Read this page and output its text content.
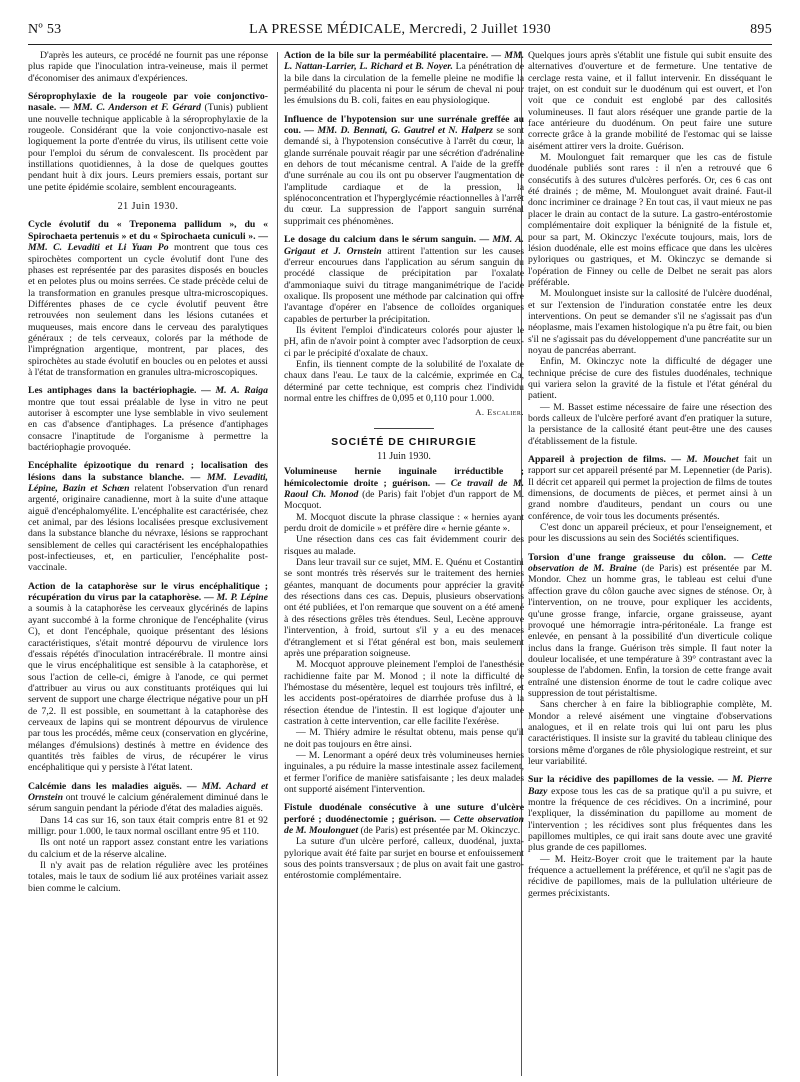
Nº 53	LA PRESSE MÉDICALE, Mercredi, 2 Juillet 1930	895

D'après les auteurs, ce procédé ne fournit pas une réponse plus rapide que l'inoculation intra-veineuse, mais il permet d'économiser des animaux d'expériences.

Séroprophylaxie de la rougeole par voie conjonctivo-nasale. — MM. C. Anderson et F. Gérard (Tunis) publient une nouvelle technique applicable à la séroprophylaxie de la rougeole. Considérant que la voie conjonctivo-nasale est logiquement la porte d'entrée du virus, ils utilisent cette voie pour l'emploi du sérum de convalescent. Ils procèdent par instillations quotidiennes, à la dose de quelques gouttes pendant huit à dix jours. Leurs premiers essais, portant sur une petite épidémie scolaire, semblent encourageants.

21 Juin 1930.

Cycle évolutif du « Treponema pallidum », du « Spirochaeta pertenuis » et du « Spirochaeta cuniculi ». — MM. C. Levaditi et Li Yuan Po montrent que tous ces spirochètes comportent un cycle évolutif dont l'une des phases est représentée par des parasites disposés en boucles et en pelotes plus ou moins serrées. Ce stade précède celui de la transformation en granules presque ultra-microscopiques. Différentes phases de ce cycle évolutif peuvent être retrouvées non seulement dans les lésions cutanées et muqueuses, mais encore dans le cerveau des paralytiques généraux ; de tels cerveaux, colorés par la méthode de l'imprégnation argentique, montrent, par places, des spirochètes au stade évolutif en boucles ou en pelotes et aussi à l'état de transformation en granules ultra-microscopiques.

Les antiphages dans la bactériophagie. — M. A. Raiga montre que tout essai préalable de lyse in vitro ne peut autoriser à escompter une lyse semblable in vivo seulement en cas d'absence d'antiphages. La présence d'antiphages consacre l'inaptitude de l'organisme à permettre la bactériophagie provoquée.

Encéphalite épizootique du renard ; localisation des lésions dans la substance blanche. — MM. Levaditi, Lépine, Bazin et Schœn relatent l'observation d'un renard argenté, originaire canadienne, mort à la suite d'une attaque aiguë d'encéphalomyélite. L'encéphalite est caractérisée, chez cet animal, par des lésions localisées presque exclusivement dans la substance blanche du névraxe, lésions se rapprochant sensiblement de celles qui caractérisent les encéphalopathies post-infectieuses, et, en particulier, l'encéphalite post-vaccinale.

Action de la cataphorèse sur le virus encéphalitique ; récupération du virus par la cataphorèse. — M. P. Lépine a soumis à la cataphorèse les cerveaux glycérinés de lapins ayant succombé à la forme chronique de l'encéphalite (virus C), et dont l'encéphale, quoique présentant des lésions caractéristiques, s'était montré dépourvu de virulence lors d'essais répétés d'inoculation intracérébrale. Il montre ainsi que le virus encéphalitique est sensible à la cataphorèse, et sous l'action de celle-ci, émigre à l'anode, ce qui permet d'attribuer au virus ou aux constituants protéiques qui lui servent de support une charge électrique négative pour un pH de 7,2. Il est possible, en soumettant à la cataphorèse des cerveaux de lapins qui se montrent dépourvus de virulence par tous les procédés, même ceux (conservation en glycérine, mélanges d'émulsions) destinés à mettre en évidence des quantités très faibles de virus, de récupérer le virus encéphalitique qui y persiste à l'état latent.

Calcémie dans les maladies aiguës. — MM. Achard et Ornstein ont trouvé le calcium généralement diminué dans le sérum sanguin pendant la période d'état des maladies aiguës.

Dans 14 cas sur 16, son taux était compris entre 81 et 92 milligr. pour 1.000, le taux normal oscillant entre 95 et 110.

Ils ont noté un rapport assez constant entre les variations du calcium et de la réserve alcaline.

Il n'y avait pas de relation régulière avec les protéines totales, mais le taux de sodium lié aux protéines variait assez bien comme le calcium.

Action de la bile sur la perméabilité placentaire. — MM. L. Nattan-Larrier, L. Richard et B. Noyer. La pénétration de la bile dans la circulation de la femelle pleine ne modifie la perméabilité du placenta ni pour le sérum de cheval ni pour les émulsions du B. coli, faites en eau physiologique.

Influence de l'hypotension sur une surrénale greffée au cou. — MM. D. Bennati, G. Gautrel et N. Halperz se sont demandé si, à l'hypotension consécutive à l'arrêt du cœur, la glande surrénale pouvait réagir par une sécrétion d'adrénaline en dehors de tout mécanisme central. A l'aide de la greffe d'une surrénale au cou ils ont pu observer l'augmentation de l'amplitude cardiaque et de la pression, la splénoconcentration et l'hyperglycémie réactionnelles à l'arrêt du cœur. La suppression de l'apport sanguin surrénal supprimait ces phénomènes.

Le dosage du calcium dans le sérum sanguin. — MM. A. Grigaut et J. Ornstein attirent l'attention sur les causes d'erreur encourues dans l'application au sérum sanguin du procédé classique de précipitation par l'oxalate d'ammoniaque suivi du titrage manganimétrique de l'acide oxalique. Ils proposent une méthode par calcination qui offre l'avantage d'opérer en l'absence de colloïdes organiques capables de perturber la précipitation.

Ils évitent l'emploi d'indicateurs colorés pour ajuster le pH, afin de n'avoir point à compter avec l'adsorption de ceux-ci par le précipité d'oxalate de chaux.

Enfin, ils tiennent compte de la solubilité de l'oxalate de chaux dans l'eau. Le taux de la calcémie, exprimée en Ca, déterminé par cette technique, est compris chez l'individu normal entre les chiffres de 0,095 et 0,110 pour 1.000.

A. Escalier.
SOCIÉTÉ DE CHIRURGIE
11 Juin 1930.

Volumineuse hernie inguinale irréductible ; hémicolectomie droite ; guérison. — Ce travail de M. Raoul Ch. Monod (de Paris) fait l'objet d'un rapport de M. Mocquot.

M. Mocquot discute la phrase classique : « hernies ayant perdu droit de domicile » et préfère dire « hernie géante ».

Une résection dans ces cas fait évidemment courir des risques au malade.

Dans leur travail sur ce sujet, MM. E. Quénu et Costantini se sont montrés très réservés sur le traitement des hernies géantes, manquant de documents pour apprécier la gravité des résections dans ces cas. Depuis, plusieurs observations ont été publiées, et l'on remarque que souvent on a été amené à des résections grêles très étendues. Seul, Lecène approuve l'intervention, à froid, surtout s'il y a eu des menaces d'étranglement et si l'état général est bon, mais seulement après une préparation soigneuse.

M. Mocquot approuve pleinement l'emploi de l'anesthésie rachidienne faite par M. Monod ; il note la difficulté de l'hémostase du mésentère, lequel est toujours très infiltré, et les accidents post-opératoires de diarrhée profuse dus à la résection étendue de l'intestin. Il est logique d'ajouter une castration à cette intervention, car elle facilite l'exérèse.

— M. Thiéry admire le résultat obtenu, mais pense qu'il ne doit pas toujours en être ainsi.

— M. Lenormant a opéré deux très volumineuses hernies inguinales, a pu réduire la masse intestinale assez facilement, et fermer l'orifice de manière satisfaisante ; les deux malades ont supporté aisément l'intervention.

Fistule duodénale consécutive à une suture d'ulcère perforé ; duodénectomie ; guérison. — Cette observation de M. Moulonguet (de Paris) est présentée par M. Okinczyc.

La suture d'un ulcère perforé, calleux, duodénal, juxta-pylorique avait été faite par surjet en bourse et enfouissement sous des points transversaux ; de plus on avait fait une gastro-entérostomie complémentaire.

Quelques jours après s'établit une fistule qui subit ensuite des alternatives d'ouverture et de fermeture. Une tentative de cerclage resta vaine, et il fallut intervenir. En disséquant le trajet, on est conduit sur le duodénum qui est ouvert, et l'on voit que ce conduit est englobé par des callosités volumineuses. Il faut alors réséquer une grande partie de la face antérieure du duodénum. On peut faire une suture correcte grâce à la grande mobilité de l'estomac qui se laisse aisément attirer vers la droite. Guérison.

M. Moulonguet fait remarquer que les cas de fistule duodénale publiés sont rares : il n'en a retrouvé que 6 consécutifs à des sutures d'ulcères perforés. Or, ces 6 cas ont été drainés ; de même, M. Moulonguet avait drainé. Faut-il donc incriminer ce drainage ? En tout cas, il vaut mieux ne pas placer le drain au contact de la suture. La gastro-entérostomie complémentaire doit expliquer la bénignité de la fistule et, pour sa part, M. Okinczyc l'exécute toujours, mais, lors de lésion duodénale, elle est moins efficace que dans les ulcères pyloriques ou gastriques, et M. Okinczyc se demande si l'opération de Finney ou celle de Delbet ne serait pas alors préférable.

M. Moulonguet insiste sur la callosité de l'ulcère duodénal, et sur l'extension de l'induration constatée entre les deux interventions. On peut se demander s'il ne s'agissait pas d'un néoplasme, mais l'examen histologique n'a pu être fait, ou bien s'il ne s'agissait pas du développement d'une pancréatite sur un noyau de pancréas aberrant.

Enfin, M. Okinczyc note la difficulté de dégager une technique précise de cure des fistules duodénales, technique qui variera selon la gravité de la fistule et l'état général du patient.

— M. Basset estime nécessaire de faire une résection des bords calleux de l'ulcère perforé avant d'en pratiquer la suture, la persistance de la callosité étant peut-être une des causes d'établissement de la fistule.

Appareil à projection de films. — M. Mouchet fait un rapport sur cet appareil présenté par M. Lepennetier (de Paris). Il décrit cet appareil qui permet la projection de films de toutes dimensions, de documents de pièces, et permet ainsi à un grand nombre d'auditeurs, pendant un cours ou une conférence, de voir tous les documents présentés.

C'est donc un appareil précieux, et pour l'enseignement, et pour les discussions au sein des Sociétés scientifiques.

Torsion d'une frange graisseuse du côlon. — Cette observation de M. Braine (de Paris) est présentée par M. Mondor. Chez un homme gras, le tableau est celui d'une affection grave du côlon gauche avec signes de sténose. Or, à l'intervention, on ne trouve, pour expliquer les accidents, qu'une grosse frange, infarcie, organe graisseuse, ayant provoqué une hémorragie intra-péritonéale. La frange est enlevée, en pensant à la possibilité d'un diverticule colique inclus dans la frange. Guérison très simple. Il faut noter la douleur localisée, et une température à 39° contrastant avec la souplesse de l'abdomen. Enfin, la torsion de cette frange avait entraîné une distension énorme de tout le cadre colique avec suppression de tout péristaltisme.

Sans chercher à en faire la bibliographie complète, M. Mondor a relevé aisément une vingtaine d'observations analogues, et il en relate trois qui lui ont paru les plus caractéristiques. Il insiste sur la gravité du tableau clinique des torsions même d'organes de rôle physiologique restreint, et sur leur variabilité.

Sur la récidive des papillomes de la vessie. — M. Pierre Bazy expose tous les cas de sa pratique qu'il a pu suivre, et montre la fréquence de ces récidives. On a incriminé, pour l'expliquer, la dissémination du papillome au moment de l'intervention ; les récidives sont plus fréquentes dans les papillomes multiples, ce qui irait sans doute avec une gravité plus grande de ces papillomes.

— M. Heitz-Boyer croit que le traitement par la haute fréquence a actuellement la préférence, et qu'il ne s'agit pas de récidive de papillomes, mais de la pullulation ultérieure de germes précixistants.
